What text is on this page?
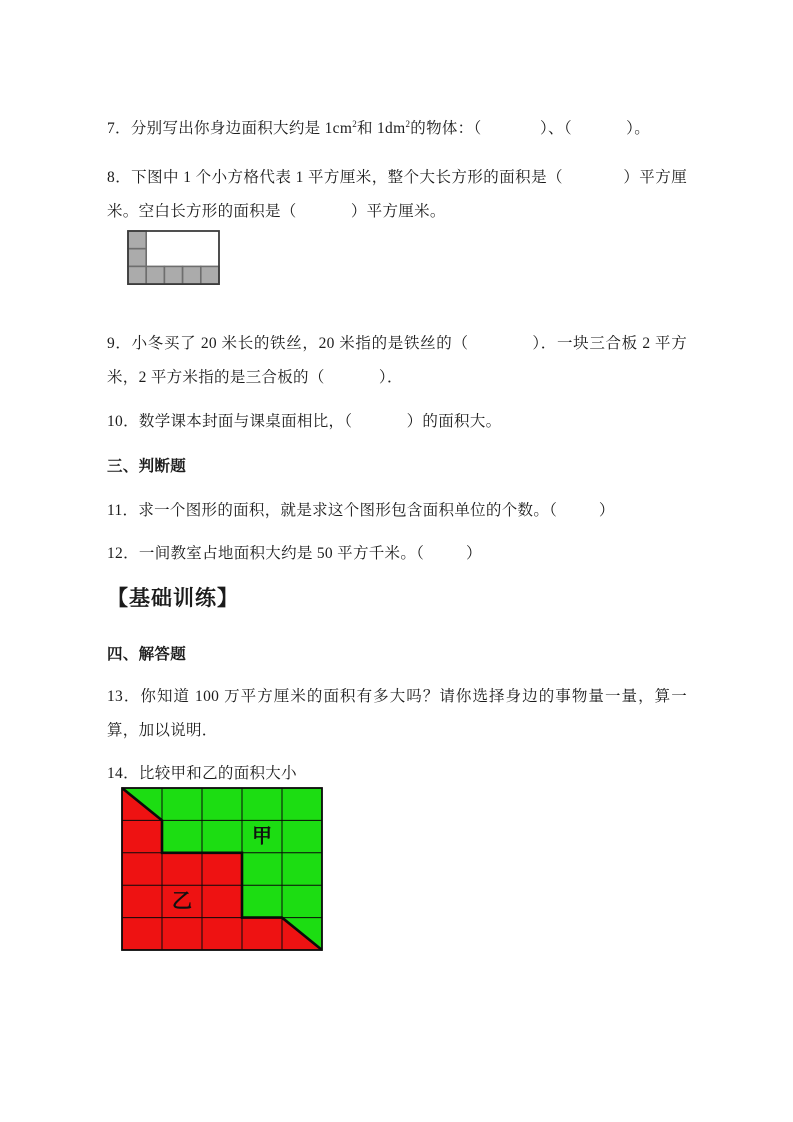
7．分别写出你身边面积大约是 $1cm^2$和 $1dm^2$的物体：（              ）、（             ）。

8．下图中 1 个小方格代表 1 平方厘米，整个大长方形的面积是（              ）平方厘米。空白长方形的面积是（             ）平方厘米。

9．小冬买了 20 米长的铁丝，20 米指的是铁丝的（              ）．一块三合板 2 平方米，2 平方米指的是三合板的（             ）．

10．数学课本封面与课桌面相比，（             ）的面积大。

三、判断题

11．求一个图形的面积，就是求这个图形包含面积单位的个数。（          ）

12．一间教室占地面积大约是 50 平方千米。（          ）

【基础训练】

四、解答题

13．你知道 100 万平方厘米的面积有多大吗？请你选择身边的事物量一量，算一算，加以说明．

14．比较甲和乙的面积大小

甲
乙
